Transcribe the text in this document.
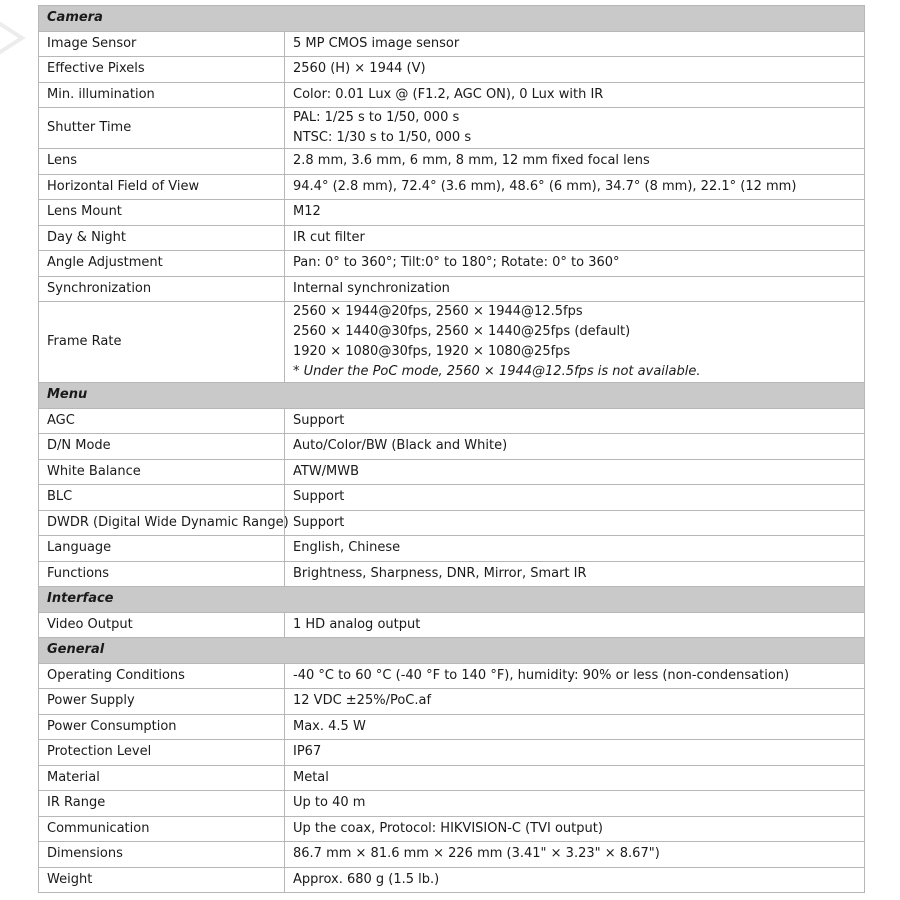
Camera	
Image Sensor	5 MP CMOS image sensor

Effective Pixels	2560 (H) × 1944 (V)

Min. illumination	Color: 0.01 Lux @ (F1.2, AGC ON), 0 Lux with IR

Shutter Time	PAL: 1/25 s to 1/50, 000 s
NTSC: 1/30 s to 1/50, 000 s

Lens	2.8 mm, 3.6 mm, 6 mm, 8 mm, 12 mm fixed focal lens

Horizontal Field of View	94.4° (2.8 mm), 72.4° (3.6 mm), 48.6° (6 mm), 34.7° (8 mm), 22.1° (12 mm)

Lens Mount	M12

Day & Night	IR cut filter

Angle Adjustment	Pan: 0° to 360°; Tilt:0° to 180°; Rotate: 0° to 360°

Synchronization	Internal synchronization

Frame Rate	2560 × 1944@20fps, 2560 × 1944@12.5fps
2560 × 1440@30fps, 2560 × 1440@25fps (default)
1920 × 1080@30fps, 1920 × 1080@25fps
* Under the PoC mode, 2560 × 1944@12.5fps is not available.

Menu	
AGC	Support

D/N Mode	Auto/Color/BW (Black and White)

White Balance	ATW/MWB

BLC	Support

DWDR (Digital Wide Dynamic Range)	Support

Language	English, Chinese

Functions	Brightness, Sharpness, DNR, Mirror, Smart IR

Interface	
Video Output	1 HD analog output

General	
Operating Conditions	-40 °C to 60 °C (-40 °F to 140 °F), humidity: 90% or less (non-condensation)

Power Supply	12 VDC ±25%/PoC.af

Power Consumption	Max. 4.5 W

Protection Level	IP67

Material	Metal

IR Range	Up to 40 m

Communication	Up the coax, Protocol: HIKVISION-C (TVI output)

Dimensions	86.7 mm × 81.6 mm × 226 mm (3.41" × 3.23" × 8.67")

Weight	Approx. 680 g (1.5 lb.)
